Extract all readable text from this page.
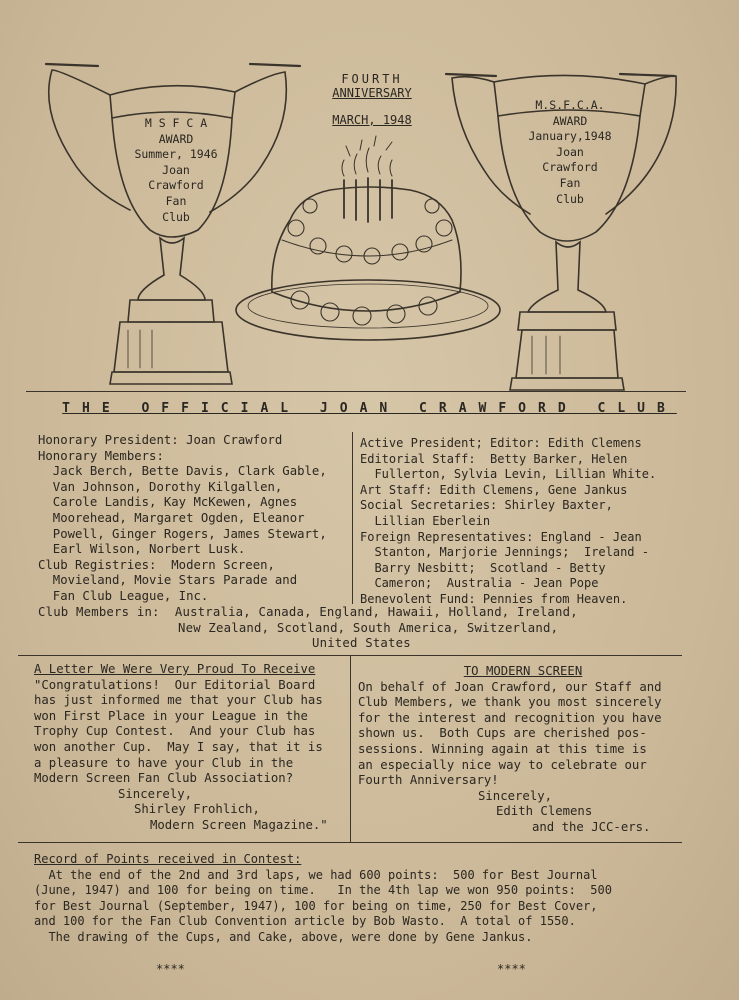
FOURTH
ANNIVERSARY
MARCH, 1948
M S F C A
AWARD
Summer, 1946
Joan
Crawford
Fan
Club
M.S.F.C.A.
AWARD
January,1948
Joan
Crawford
Fan
Club
THE OFFICIAL JOAN CRAWFORD CLUB
Honorary President: Joan Crawford
Honorary Members:
Jack Berch, Bette Davis, Clark Gable,
Van Johnson, Dorothy Kilgallen,
Carole Landis, Kay McKewen, Agnes
Moorehead, Margaret Ogden, Eleanor
Powell, Ginger Rogers, James Stewart,
Earl Wilson, Norbert Lusk.
Club Registries:  Modern Screen,
Movieland, Movie Stars Parade and
Fan Club League, Inc.
Active President; Editor: Edith Clemens
Editorial Staff:  Betty Barker, Helen
Fullerton, Sylvia Levin, Lillian White.
Art Staff: Edith Clemens, Gene Jankus
Social Secretaries: Shirley Baxter,
Lillian Eberlein
Foreign Representatives: England - Jean
Stanton, Marjorie Jennings;  Ireland -
Barry Nesbitt;  Scotland - Betty
Cameron;  Australia - Jean Pope
Benevolent Fund: Pennies from Heaven.
Club Members in:  Australia, Canada, England, Hawaii, Holland, Ireland,
New Zealand, Scotland, South America, Switzerland,
United States
A Letter We Were Very Proud To Receive
"Congratulations!  Our Editorial Board
has just informed me that your Club has
won First Place in your League in the
Trophy Cup Contest.  And your Club has
won another Cup.  May I say, that it is
a pleasure to have your Club in the
Modern Screen Fan Club Association?
Sincerely,
Shirley Frohlich,
Modern Screen Magazine."
TO MODERN SCREEN
On behalf of Joan Crawford, our Staff and
Club Members, we thank you most sincerely
for the interest and recognition you have
shown us.  Both Cups are cherished pos-
sessions. Winning again at this time is
an especially nice way to celebrate our
Fourth Anniversary!
Sincerely,
Edith Clemens
and the JCC-ers.
Record of Points received in Contest:
At the end of the 2nd and 3rd laps, we had 600 points:  500 for Best Journal
(June, 1947) and 100 for being on time.   In the 4th lap we won 950 points:  500
for Best Journal (September, 1947), 100 for being on time, 250 for Best Cover,
and 100 for the Fan Club Convention article by Bob Wasto.  A total of 1550.
The drawing of the Cups, and Cake, above, were done by Gene Jankus.
****	****
